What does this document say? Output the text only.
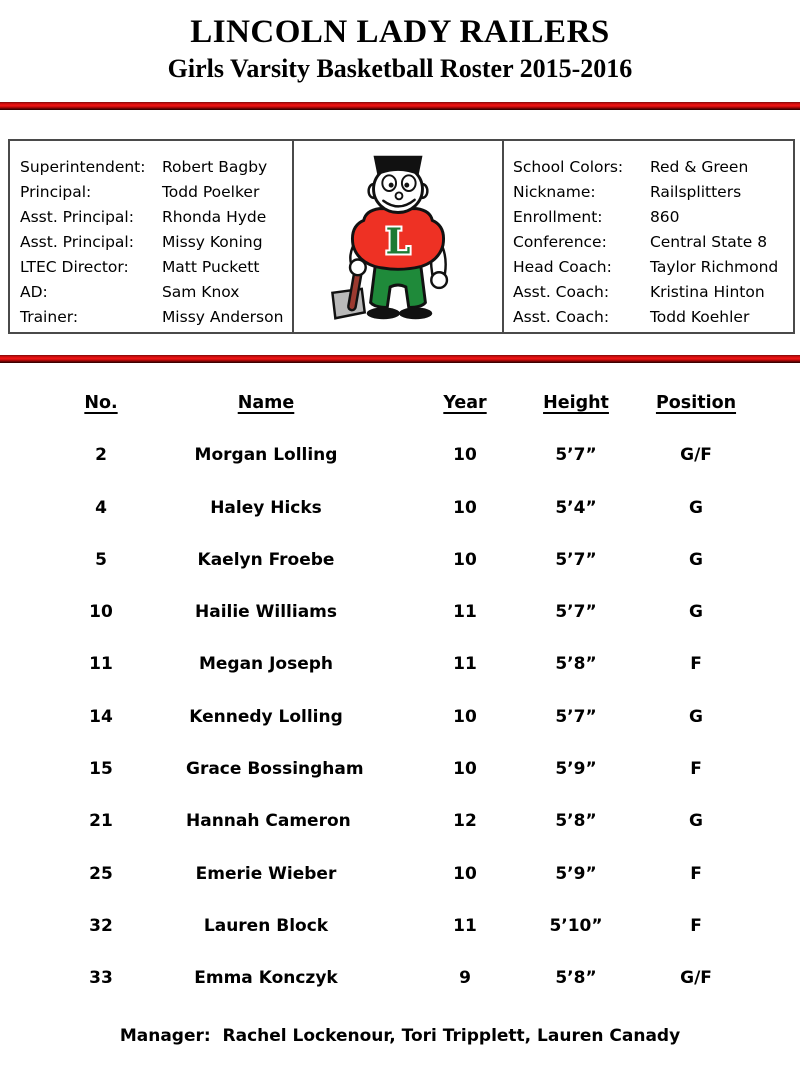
LINCOLN LADY RAILERS
Girls Varsity Basketball Roster 2015-2016
Superintendent: Robert Bagby
Principal:	Todd Poelker
Asst. Principal: Rhonda Hyde
Asst. Principal: Missy Koning
LTEC Director: Matt Puckett
AD:	Sam Knox
Trainer:	Missy Anderson
L
School Colors: Red & Green
Nickname:	Railsplitters
Enrollment:	860
Conference:	Central State 8
Head Coach: Taylor Richmond
Asst. Coach:	Kristina Hinton
Asst. Coach:	Todd Koehler
No.	Name	Year	Height	Position
2	Morgan Lolling	10	5’7”	G/F
4	Haley Hicks	10	5’4”	G
5	Kaelyn Froebe	10	5’7”	G
10	Hailie Williams	11	5’7”	G
11	Megan Joseph	11	5’8”	F
14	Kennedy Lolling	10	5’7”	G
15	Grace Bossingham	10	5’9”	F
21	Hannah Cameron	12	5’8”	G
25	Emerie Wieber	10	5’9”	F
32	Lauren Block	11	5’10”	F
33	Emma Konczyk	9	5’8”	G/F
Manager:  Rachel Lockenour, Tori Tripplett, Lauren Canady
